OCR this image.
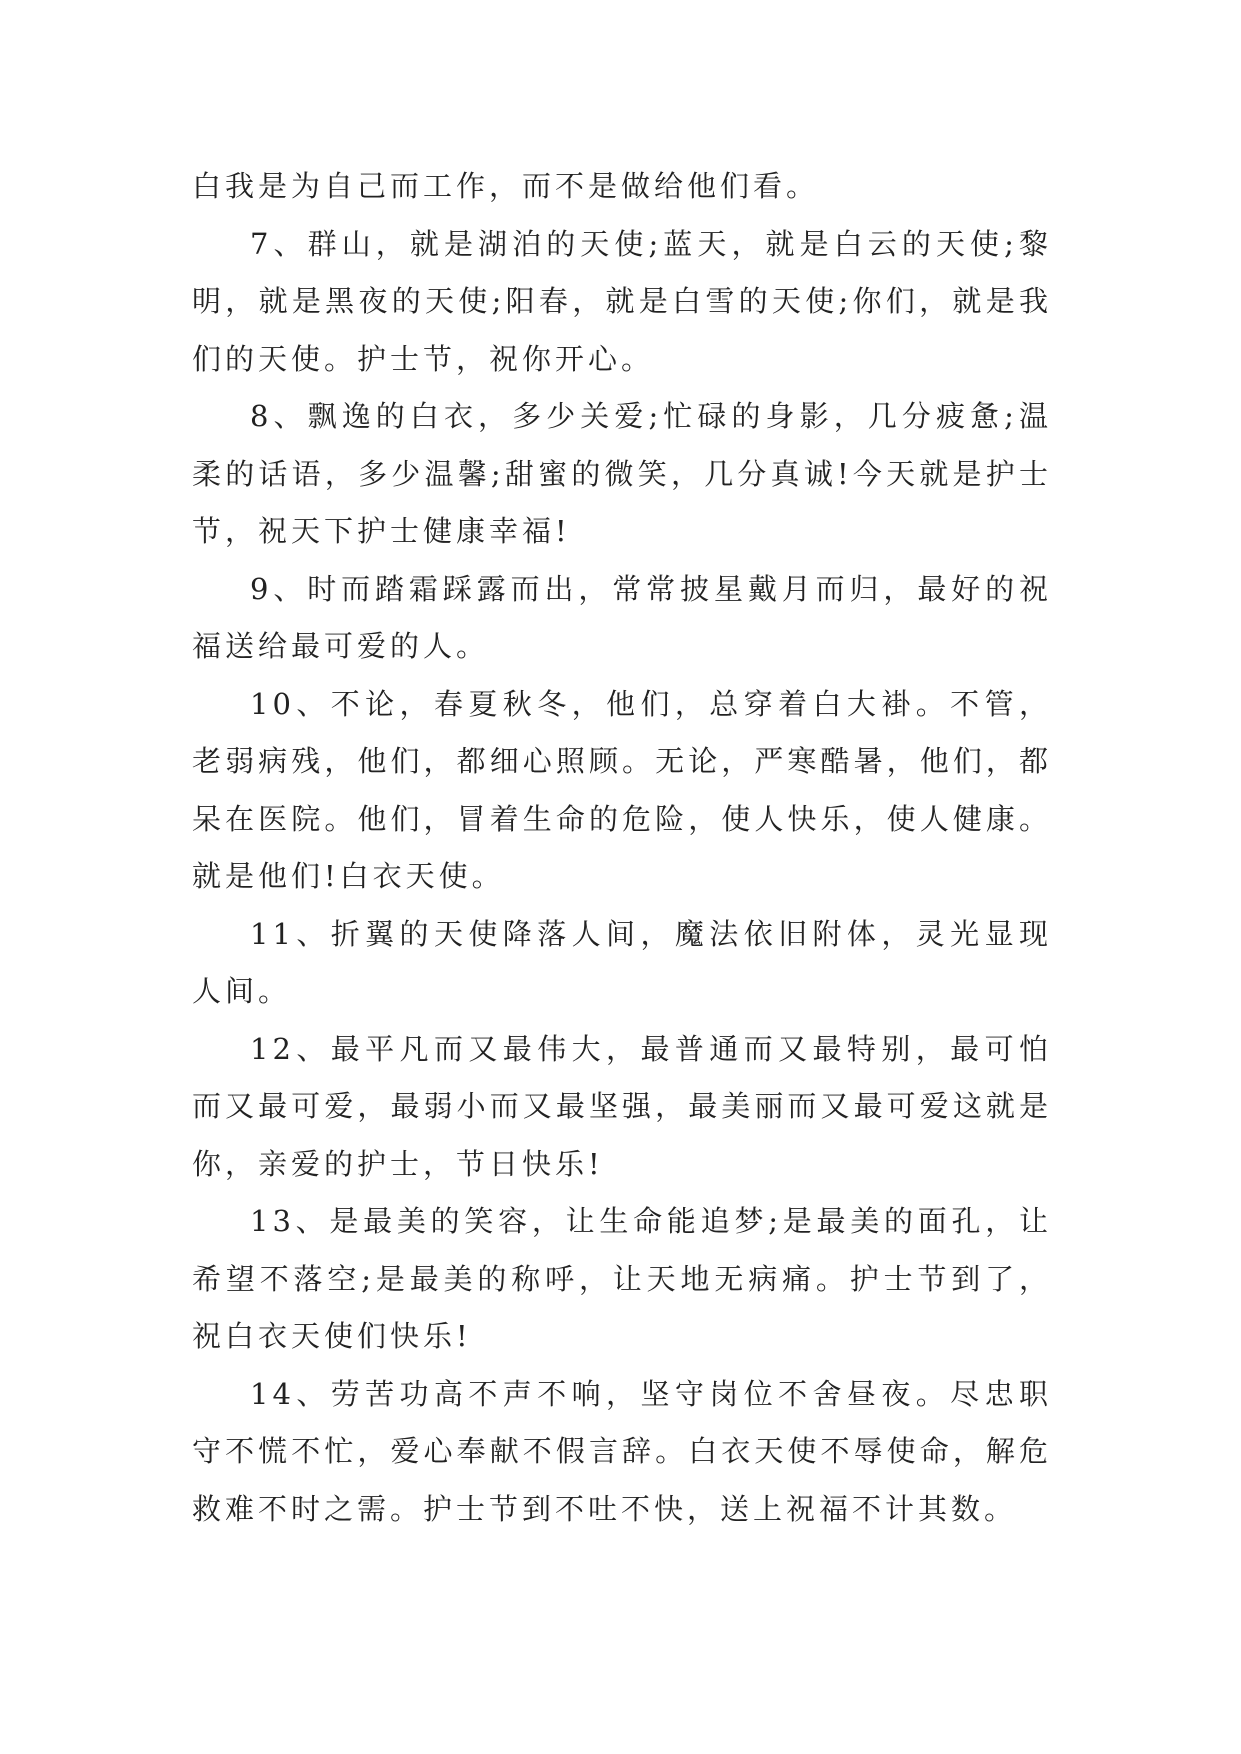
白我是为自己而工作，而不是做给他们看。

7、群山，就是湖泊的天使;蓝天，就是白云的天使;黎明，就是黑夜的天使;阳春，就是白雪的天使;你们，就是我们的天使。护士节，祝你开心。

8、飘逸的白衣，多少关爱;忙碌的身影，几分疲惫;温柔的话语，多少温馨;甜蜜的微笑，几分真诚!今天就是护士节，祝天下护士健康幸福!

9、时而踏霜踩露而出，常常披星戴月而归，最好的祝福送给最可爱的人。

10、不论，春夏秋冬，他们，总穿着白大褂。不管，老弱病残，他们，都细心照顾。无论，严寒酷暑，他们，都呆在医院。他们，冒着生命的危险，使人快乐，使人健康。就是他们!白衣天使。

11、折翼的天使降落人间，魔法依旧附体，灵光显现人间。

12、最平凡而又最伟大，最普通而又最特别，最可怕而又最可爱，最弱小而又最坚强，最美丽而又最可爱这就是你，亲爱的护士，节日快乐!

13、是最美的笑容，让生命能追梦;是最美的面孔，让希望不落空;是最美的称呼，让天地无病痛。护士节到了，祝白衣天使们快乐!

14、劳苦功高不声不响，坚守岗位不舍昼夜。尽忠职守不慌不忙，爱心奉献不假言辞。白衣天使不辱使命，解危救难不时之需。护士节到不吐不快，送上祝福不计其数。
